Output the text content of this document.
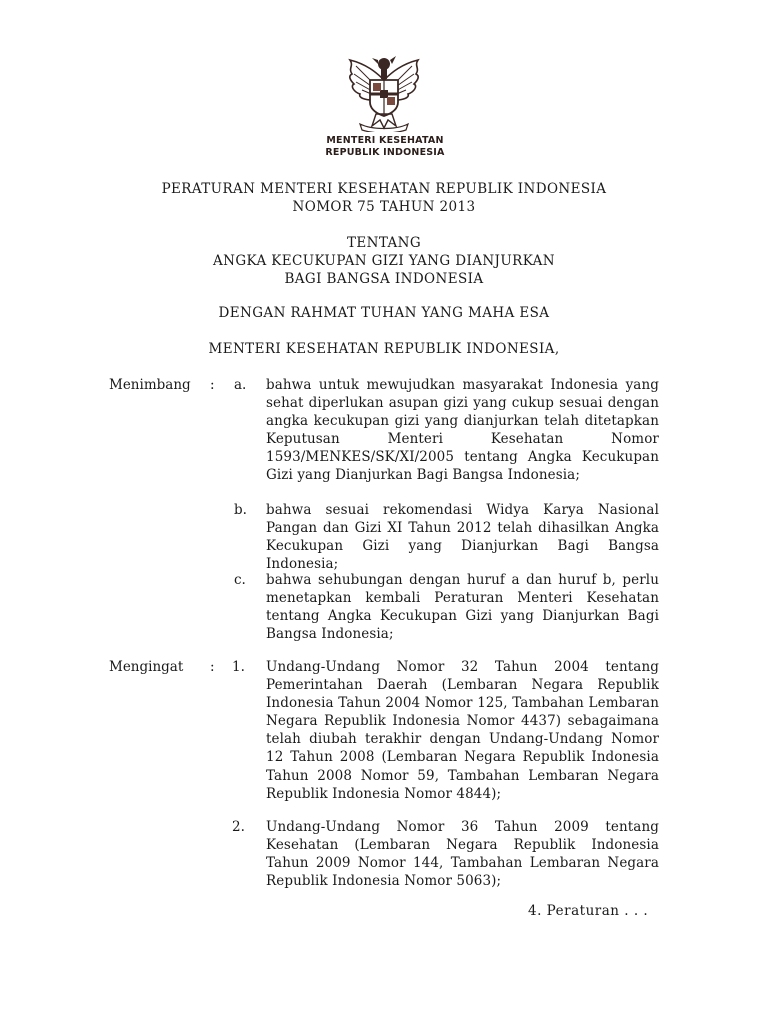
MENTERI KESEHATAN
REPUBLIK INDONESIA
PERATURAN MENTERI KESEHATAN REPUBLIK INDONESIA
NOMOR 75 TAHUN 2013
TENTANG
ANGKA KECUKUPAN GIZI YANG DIANJURKAN
BAGI BANGSA INDONESIA
DENGAN RAHMAT TUHAN YANG MAHA ESA
MENTERI KESEHATAN REPUBLIK INDONESIA,
Menimbang : a. bahwa untuk mewujudkan masyarakat Indonesia yang sehat diperlukan asupan gizi yang cukup sesuai dengan angka kecukupan gizi yang dianjurkan telah ditetapkan Keputusan Menteri Kesehatan Nomor 1593/MENKES/SK/XI/2005 tentang Angka Kecukupan Gizi yang Dianjurkan Bagi Bangsa Indonesia;
b. bahwa sesuai rekomendasi Widya Karya Nasional Pangan dan Gizi XI Tahun 2012 telah dihasilkan Angka Kecukupan Gizi yang Dianjurkan Bagi Bangsa Indonesia;
c. bahwa sehubungan dengan huruf a dan huruf b, perlu menetapkan kembali Peraturan Menteri Kesehatan tentang Angka Kecukupan Gizi yang Dianjurkan Bagi Bangsa Indonesia;
Mengingat : 1. Undang-Undang Nomor 32 Tahun 2004 tentang Pemerintahan Daerah (Lembaran Negara Republik Indonesia Tahun 2004 Nomor 125, Tambahan Lembaran Negara Republik Indonesia Nomor 4437) sebagaimana telah diubah terakhir dengan Undang-Undang Nomor 12 Tahun 2008 (Lembaran Negara Republik Indonesia Tahun 2008 Nomor 59, Tambahan Lembaran Negara Republik Indonesia Nomor 4844);
2. Undang-Undang Nomor 36 Tahun 2009 tentang Kesehatan (Lembaran Negara Republik Indonesia Tahun 2009 Nomor 144, Tambahan Lembaran Negara Republik Indonesia Nomor 5063);
4. Peraturan . . .
